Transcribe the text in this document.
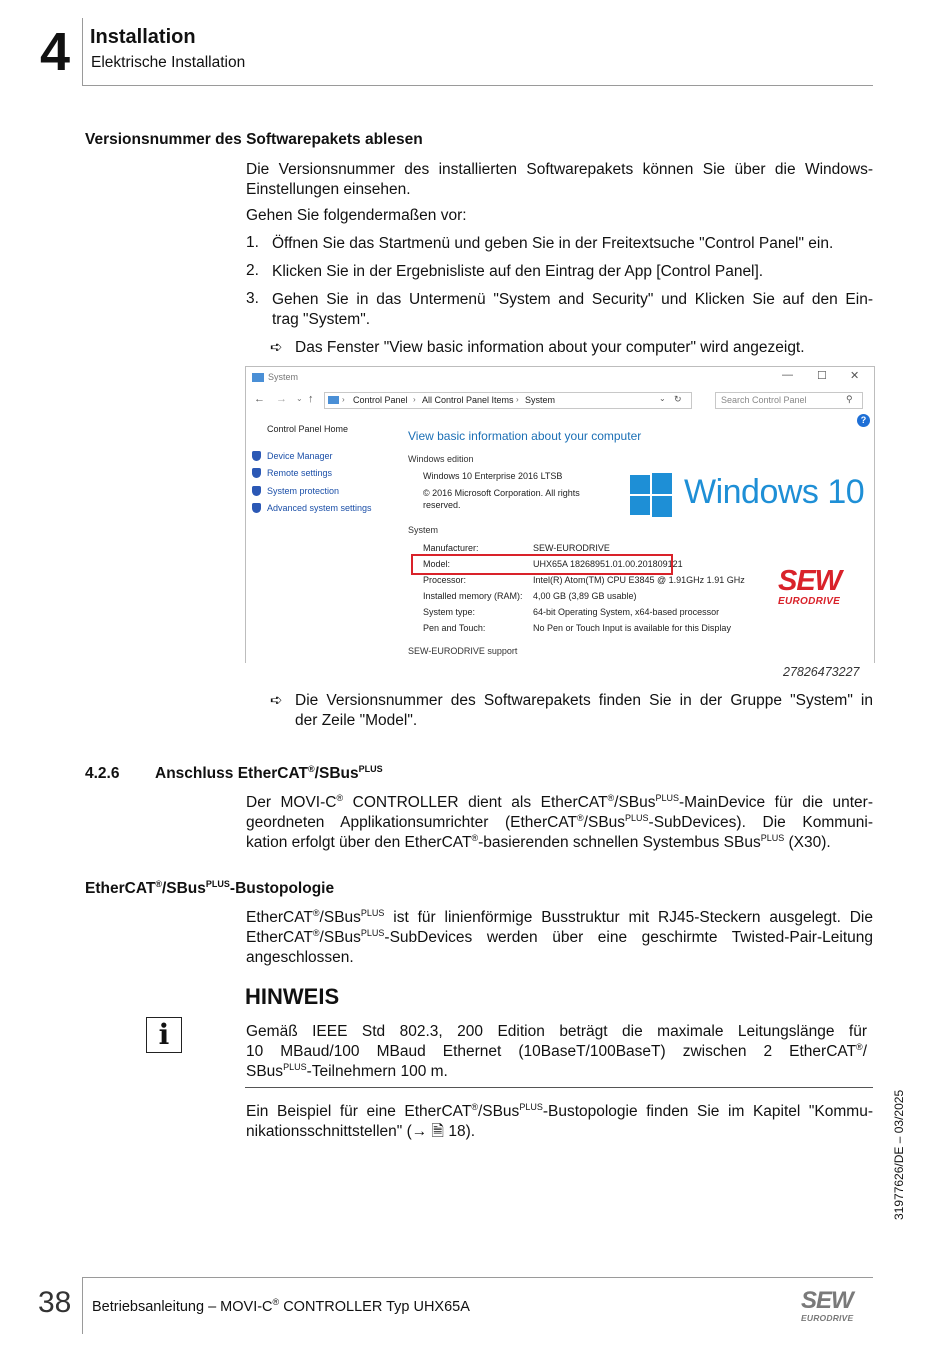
4 Installation
Elektrische Installation
Versionsnummer des Softwarepakets ablesen
Die Versionsnummer des installierten Softwarepakets können Sie über die Windows-
Einstellungen einsehen.
Gehen Sie folgendermaßen vor:
1. Öffnen Sie das Startmenü und geben Sie in der Freitextsuche "Control Panel" ein.
2. Klicken Sie in der Ergebnisliste auf den Eintrag der App [Control Panel].
3. Gehen Sie in das Untermenü "System and Security" und Klicken Sie auf den Ein-
trag "System".
➪ Das Fenster "View basic information about your computer" wird angezeigt.
System	— ☐ ✕
← → ⌄ ↑	› Control Panel › All Control Panel Items › System	⌄ ↻	Search Control Panel	⚲
Control Panel Home
Device Manager
Remote settings
System protection
Advanced system settings
?
View basic information about your computer
Windows edition
Windows 10 Enterprise 2016 LTSB
© 2016 Microsoft Corporation. All rights
reserved.	Windows 10
System
Manufacturer:	SEW-EURODRIVE
Model:	UHX65A 18268951.01.00.201809121
Processor:	Intel(R) Atom(TM) CPU E3845 @ 1.91GHz 1.91 GHz
Installed memory (RAM): 4,00 GB (3,89 GB usable)
System type:	64-bit Operating System, x64-based processor
Pen and Touch:	No Pen or Touch Input is available for this Display
SEW
EURODRIVE
SEW-EURODRIVE support
27826473227
➪ Die Versionsnummer des Softwarepakets finden Sie in der Gruppe "System" in
der Zeile "Model".
4.2.6 Anschluss EtherCAT®/SBus$^{PLUS}$
Der MOVI-C® CONTROLLER dient als EtherCAT®/SBus$^{PLUS}$-MainDevice für die unter-
geordneten Applikationsumrichter (EtherCAT®/SBus$^{PLUS}$-SubDevices). Die Kommuni-
kation erfolgt über den EtherCAT®-basierenden schnellen Systembus SBus$^{PLUS}$ (X30).
EtherCAT®/SBus$^{PLUS}$-Bustopologie
EtherCAT®/SBus$^{PLUS}$ ist für linienförmige Busstruktur mit RJ45-Steckern ausgelegt. Die
EtherCAT®/SBus$^{PLUS}$-SubDevices werden über eine geschirmte Twisted-Pair-Leitung
angeschlossen.
HINWEIS
i	Gemäß IEEE Std 802.3, 200 Edition beträgt die maximale Leitungslänge für
10 MBaud/100 MBaud Ethernet (10BaseT/100BaseT) zwischen 2 EtherCAT®/
SBus$^{PLUS}$-Teilnehmern 100 m.
Ein Beispiel für eine EtherCAT®/SBus$^{PLUS}$-Bustopologie finden Sie im Kapitel "Kommu-
nikationsschnittstellen" (→ 🗎 18).	31977626/DE – 03/2025
38 Betriebsanleitung – MOVI-C® CONTROLLER Typ UHX65A	SEW
EURODRIVE
